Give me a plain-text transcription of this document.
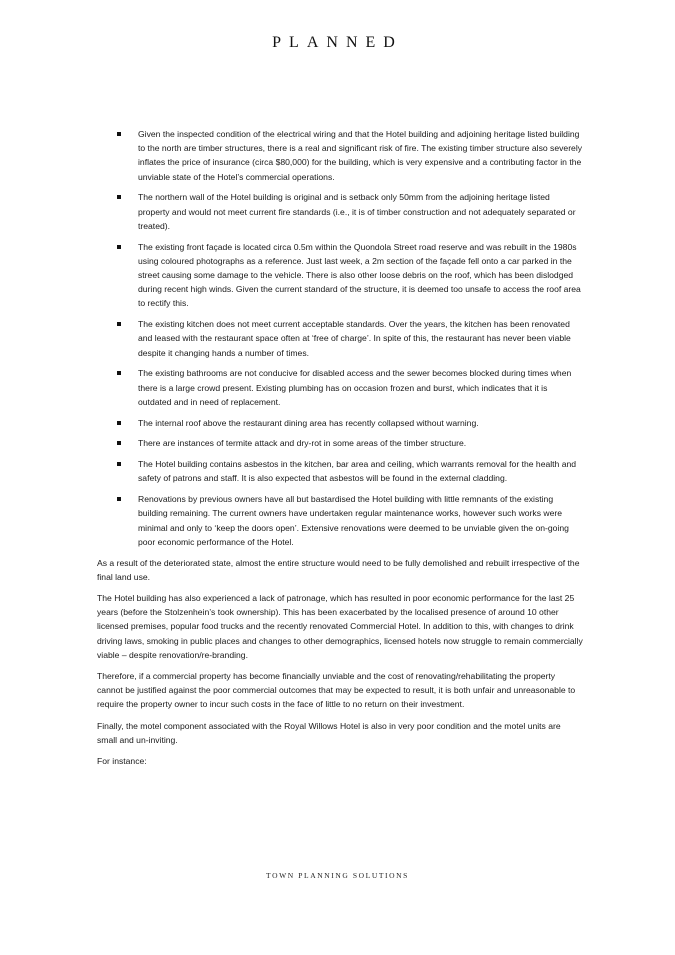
PLANNED
Given the inspected condition of the electrical wiring and that the Hotel building and adjoining heritage listed building to the north are timber structures, there is a real and significant risk of fire. The existing timber structure also severely inflates the price of insurance (circa $80,000) for the building, which is very expensive and a contributing factor in the unviable state of the Hotel’s commercial operations.
The northern wall of the Hotel building is original and is setback only 50mm from the adjoining heritage listed property and would not meet current fire standards (i.e., it is of timber construction and not adequately separated or treated).
The existing front façade is located circa 0.5m within the Quondola Street road reserve and was rebuilt in the 1980s using coloured photographs as a reference. Just last week, a 2m section of the façade fell onto a car parked in the street causing some damage to the vehicle. There is also other loose debris on the roof, which has been dislodged during recent high winds. Given the current standard of the structure, it is deemed too unsafe to access the roof area to rectify this.
The existing kitchen does not meet current acceptable standards. Over the years, the kitchen has been renovated and leased with the restaurant space often at ‘free of charge’. In spite of this, the restaurant has never been viable despite it changing hands a number of times.
The existing bathrooms are not conducive for disabled access and the sewer becomes blocked during times when there is a large crowd present. Existing plumbing has on occasion frozen and burst, which indicates that it is outdated and in need of replacement.
The internal roof above the restaurant dining area has recently collapsed without warning.
There are instances of termite attack and dry-rot in some areas of the timber structure.
The Hotel building contains asbestos in the kitchen, bar area and ceiling, which warrants removal for the health and safety of patrons and staff. It is also expected that asbestos will be found in the external cladding.
Renovations by previous owners have all but bastardised the Hotel building with little remnants of the existing building remaining. The current owners have undertaken regular maintenance works, however such works were minimal and only to ‘keep the doors open’. Extensive renovations were deemed to be unviable given the on-going poor economic performance of the Hotel.

As a result of the deteriorated state, almost the entire structure would need to be fully demolished and rebuilt irrespective of the final land use.

The Hotel building has also experienced a lack of patronage, which has resulted in poor economic performance for the last 25 years (before the Stolzenhein’s took ownership). This has been exacerbated by the localised presence of around 10 other licensed premises, popular food trucks and the recently renovated Commercial Hotel. In addition to this, with changes to drink driving laws, smoking in public places and changes to other demographics, licensed hotels now struggle to remain commercially viable – despite renovation/re-branding.

Therefore, if a commercial property has become financially unviable and the cost of renovating/rehabilitating the property cannot be justified against the poor commercial outcomes that may be expected to result, it is both unfair and unreasonable to require the property owner to incur such costs in the face of little to no return on their investment.

Finally, the motel component associated with the Royal Willows Hotel is also in very poor condition and the motel units are small and un-inviting.

For instance:

TOWN PLANNING SOLUTIONS
